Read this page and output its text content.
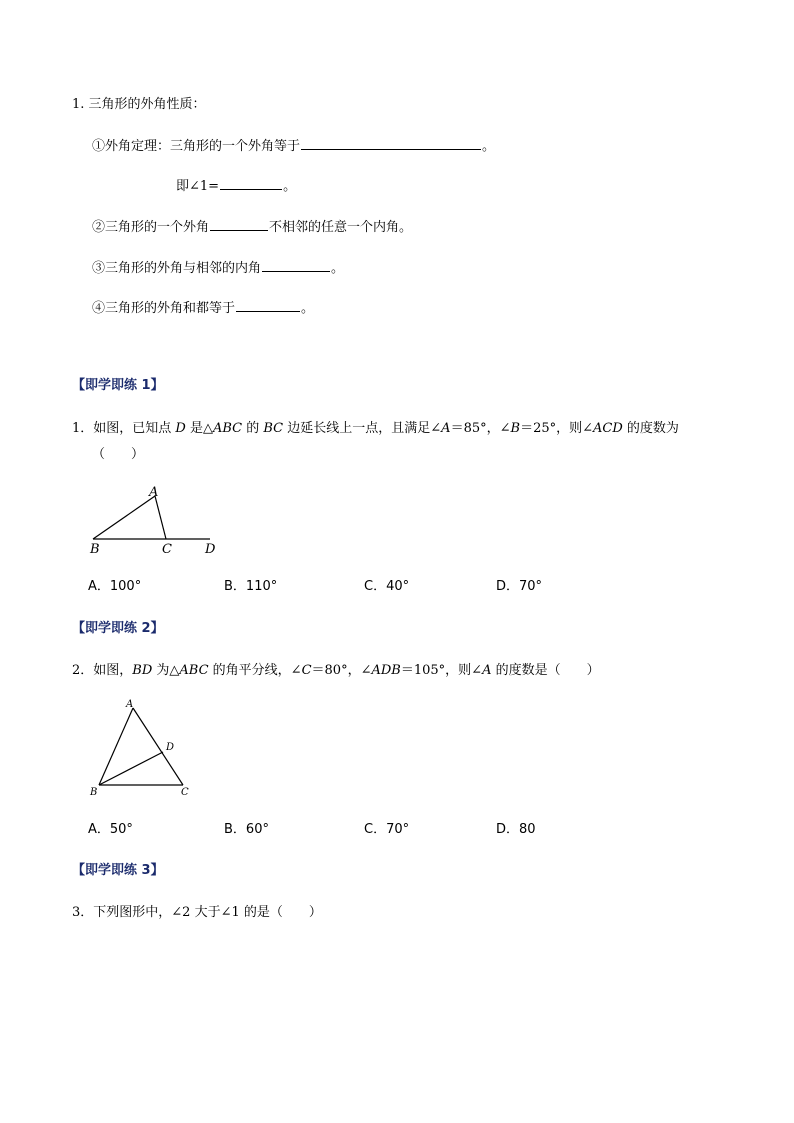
1. 三角形的外角性质：
①外角定理：三角形的一个外角等于	。
即∠1=	。
②三角形的一个外角	不相邻的任意一个内角。
③三角形的外角与相邻的内角	。
④三角形的外角和都等于	。
【即学即练 1】
1．如图，已知点 D 是△ABC 的 BC 边延长线上一点，且满足∠A＝85°，∠B＝25°，则∠ACD 的度数为
（　　）
A
B	C	D
A．100°	B．110°	C．40°	D．70°
【即学即练 2】
2．如图，BD 为△ABC 的角平分线，∠C＝80°，∠ADB＝105°，则∠A 的度数是（　　）
A
B	C
D
A．50°	B．60°	C．70°	D．80
【即学即练 3】
3．下列图形中，∠2 大于∠1 的是（　　）
